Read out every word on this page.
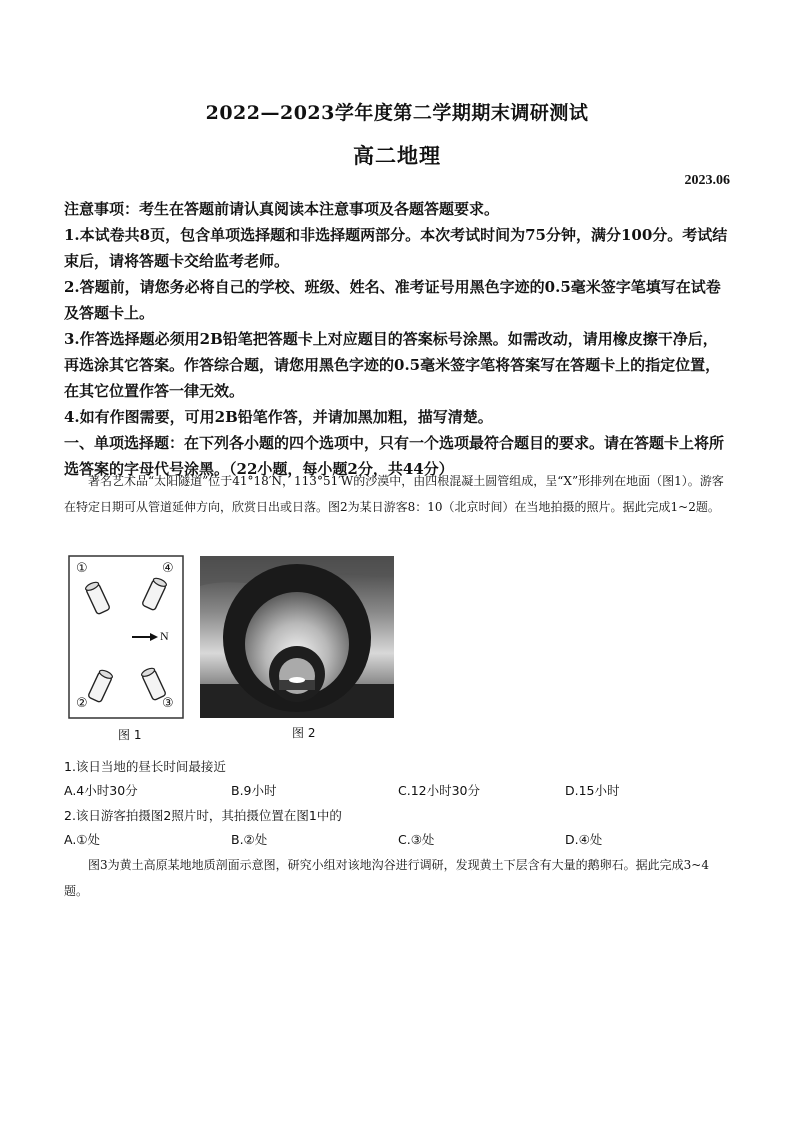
2022—2023学年度第二学期期末调研测试
高二地理
2023.06

注意事项：考生在答题前请认真阅读本注意事项及各题答题要求。

1.本试卷共8页，包含单项选择题和非选择题两部分。本次考试时间为75分钟，满分100分。考试结束后，请将答题卡交给监考老师。

2.答题前，请您务必将自己的学校、班级、姓名、准考证号用黑色字迹的0.5毫米签字笔填写在试卷及答题卡上。

3.作答选择题必须用2B铅笔把答题卡上对应题目的答案标号涂黑。如需改动，请用橡皮擦干净后，再选涂其它答案。作答综合题，请您用黑色字迹的0.5毫米签字笔将答案写在答题卡上的指定位置，在其它位置作答一律无效。

4.如有作图需要，可用2B铅笔作答，并请加黑加粗，描写清楚。

一、单项选择题：在下列各小题的四个选项中，只有一个选项最符合题目的要求。请在答题卡上将所选答案的字母代号涂黑。（22小题，每小题2分，共44分）

著名艺术品“太阳隧道”位于41°18′N，113°51′W的沙漠中，由四根混凝土圆管组成，呈“X”形排列在地面（图1）。游客在特定日期可从管道延伸方向，欣赏日出或日落。图2为某日游客8：10（北京时间）在当地拍摄的照片。据此完成1~2题。

①	④
②	③
N
图 1	图 2

1.该日当地的昼长时间最接近

A.4小时30分	B.9小时	C.12小时30分	D.15小时

2.该日游客拍摄图2照片时，其拍摄位置在图1中的

A.①处	B.②处	C.③处	D.④处

图3为黄土高原某地地质剖面示意图，研究小组对该地沟谷进行调研，发现黄土下层含有大量的鹅卵石。据此完成3~4题。
